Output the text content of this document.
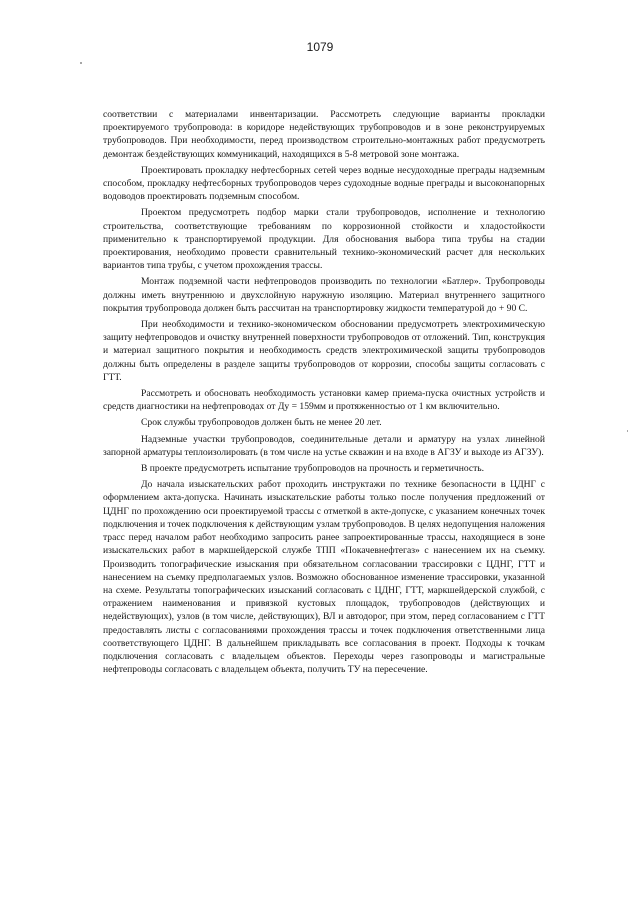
1079

соответствии с материалами инвентаризации. Рассмотреть следующие варианты прокладки проектируемого трубопровода: в коридоре недействующих трубопроводов и в зоне реконструируемых трубопроводов. При необходимости, перед производством строительно-монтажных работ предусмотреть демонтаж бездействующих коммуникаций, находящихся в 5-8 метровой зоне монтажа.

Проектировать прокладку нефтесборных сетей через водные несудоходные преграды надземным способом, прокладку нефтесборных трубопроводов через судоходные водные преграды и высоконапорных водоводов проектировать подземным способом.

Проектом предусмотреть подбор марки стали трубопроводов, исполнение и технологию строительства, соответствующие требованиям по коррозионной стойкости и хладостойкости применительно к транспортируемой продукции. Для обоснования выбора типа трубы на стадии проектирования, необходимо провести сравнительный технико-экономический расчет для нескольких вариантов типа трубы, с учетом прохождения трассы.

Монтаж подземной части нефтепроводов производить по технологии «Батлер». Трубопроводы должны иметь внутреннюю и двухслойную наружную изоляцию. Материал внутреннего защитного покрытия трубопровода должен быть рассчитан на транспортировку жидкости температурой до + 90 С.

При необходимости и технико-экономическом обосновании предусмотреть электрохимическую защиту нефтепроводов и очистку внутренней поверхности трубопроводов от отложений. Тип, конструкция и материал защитного покрытия и необходимость средств электрохимической защиты трубопроводов должны быть определены в разделе защиты трубопроводов от коррозии, способы защиты согласовать с ГТТ.

Рассмотреть и обосновать необходимость установки камер приема-пуска очистных устройств и средств диагностики на нефтепроводах от Ду = 159мм и протяженностью от 1 км включительно.

Срок службы трубопроводов должен быть не менее 20 лет.

Надземные участки трубопроводов, соединительные детали и арматуру на узлах линейной запорной арматуры теплоизолировать (в том числе на устье скважин и на входе в АГЗУ и выходе из АГЗУ).

В проекте предусмотреть испытание трубопроводов на прочность и герметичность.

До начала изыскательских работ проходить инструктажи по технике безопасности в ЦДНГ с оформлением акта-допуска. Начинать изыскательские работы только после получения предложений от ЦДНГ по прохождению оси проектируемой трассы с отметкой в акте-допуске, с указанием конечных точек подключения и точек подключения к действующим узлам трубопроводов. В целях недопущения наложения трасс перед началом работ необходимо запросить ранее запроектированные трассы, находящиеся в зоне изыскательских работ в маркшейдерской службе ТПП «Покачевнефтегаз» с нанесением их на съемку. Производить топографические изыскания при обязательном согласовании трассировки с ЦДНГ, ГТТ и нанесением на съемку предполагаемых узлов. Возможно обоснованное изменение трассировки, указанной на схеме. Результаты топографических изысканий согласовать с ЦДНГ, ГТТ, маркшейдерской службой, с отражением наименования и привязкой кустовых площадок, трубопроводов (действующих и недействующих), узлов (в том числе, действующих), ВЛ и автодорог, при этом, перед согласованием с ГТТ предоставлять листы с согласованиями прохождения трассы и точек подключения ответственными лица соответствующего ЦДНГ. В дальнейшем прикладывать все согласования в проект. Подходы к точкам подключения согласовать с владельцем объектов. Переходы через газопроводы и магистральные нефтепроводы согласовать с владельцем объекта, получить ТУ на пересечение.
